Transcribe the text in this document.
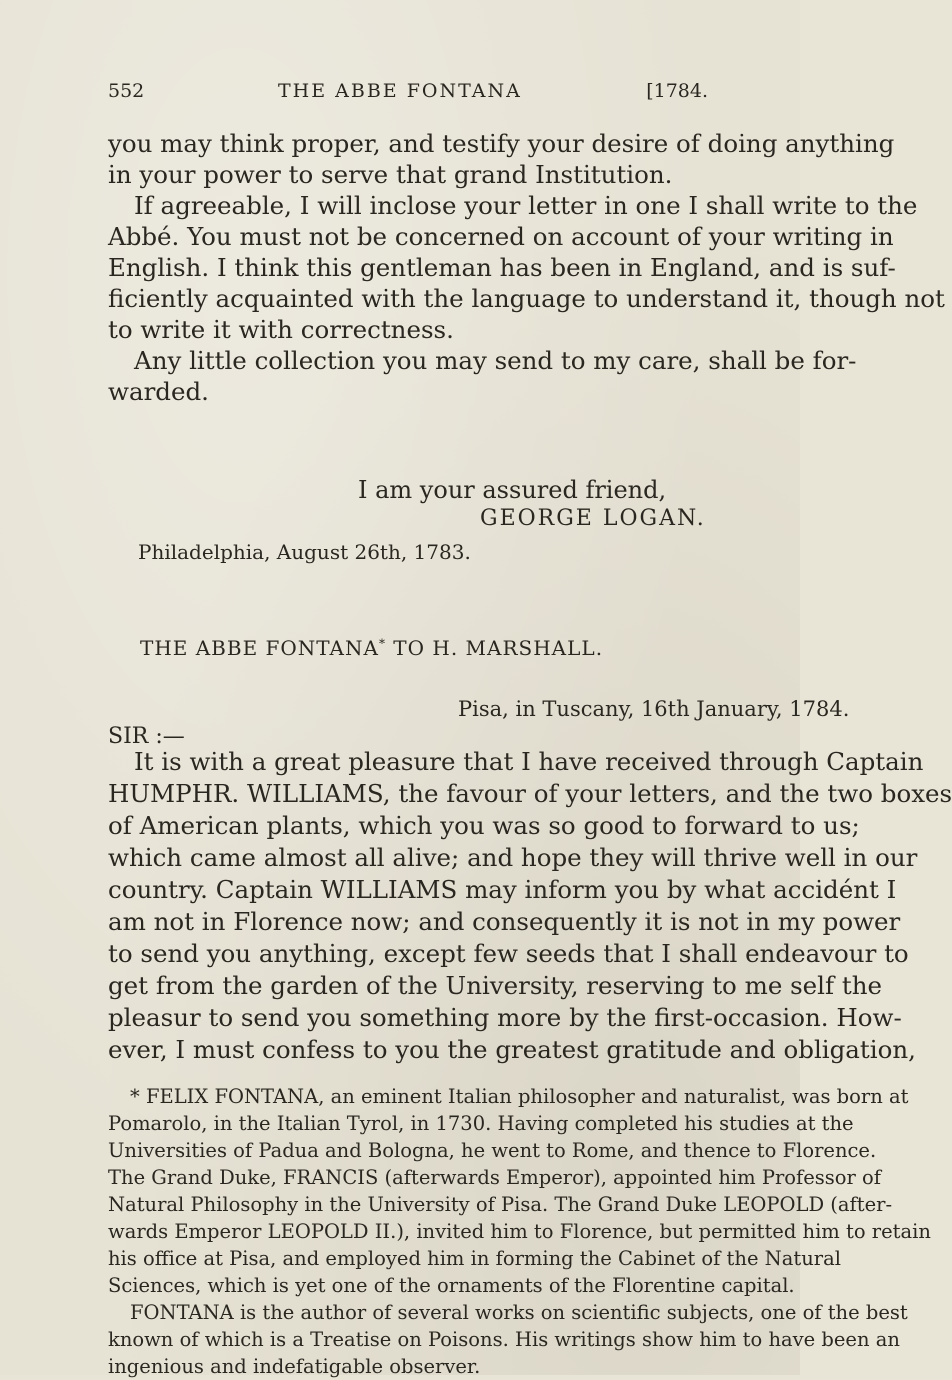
552	THE ABBE FONTANA	[1784.
you may think proper, and testify your desire of doing anything
in your power to serve that grand Institution.
If agreeable, I will inclose your letter in one I shall write to the
Abbé. You must not be concerned on account of your writing in
English. I think this gentleman has been in England, and is suf-
ficiently acquainted with the language to understand it, though not
to write it with correctness.
Any little collection you may send to my care, shall be for-
warded.
I am your assured friend,
GEORGE LOGAN.
Philadelphia, August 26th, 1783.
THE ABBE FONTANA* TO H. MARSHALL.
Pisa, in Tuscany, 16th January, 1784.
SIR :—
It is with a great pleasure that I have received through Captain
HUMPHR. WILLIAMS, the favour of your letters, and the two boxes
of American plants, which you was so good to forward to us;
which came almost all alive; and hope they will thrive well in our
country. Captain WILLIAMS may inform you by what accidént I
am not in Florence now; and consequently it is not in my power
to send you anything, except few seeds that I shall endeavour to
get from the garden of the University, reserving to me self the
pleasur to send you something more by the first-occasion. How-
ever, I must confess to you the greatest gratitude and obligation,
* FELIX FONTANA, an eminent Italian philosopher and naturalist, was born at
Pomarolo, in the Italian Tyrol, in 1730. Having completed his studies at the
Universities of Padua and Bologna, he went to Rome, and thence to Florence.
The Grand Duke, FRANCIS (afterwards Emperor), appointed him Professor of
Natural Philosophy in the University of Pisa. The Grand Duke LEOPOLD (after-
wards Emperor LEOPOLD II.), invited him to Florence, but permitted him to retain
his office at Pisa, and employed him in forming the Cabinet of the Natural
Sciences, which is yet one of the ornaments of the Florentine capital.
FONTANA is the author of several works on scientific subjects, one of the best
known of which is a Treatise on Poisons. His writings show him to have been an
ingenious and indefatigable observer.
